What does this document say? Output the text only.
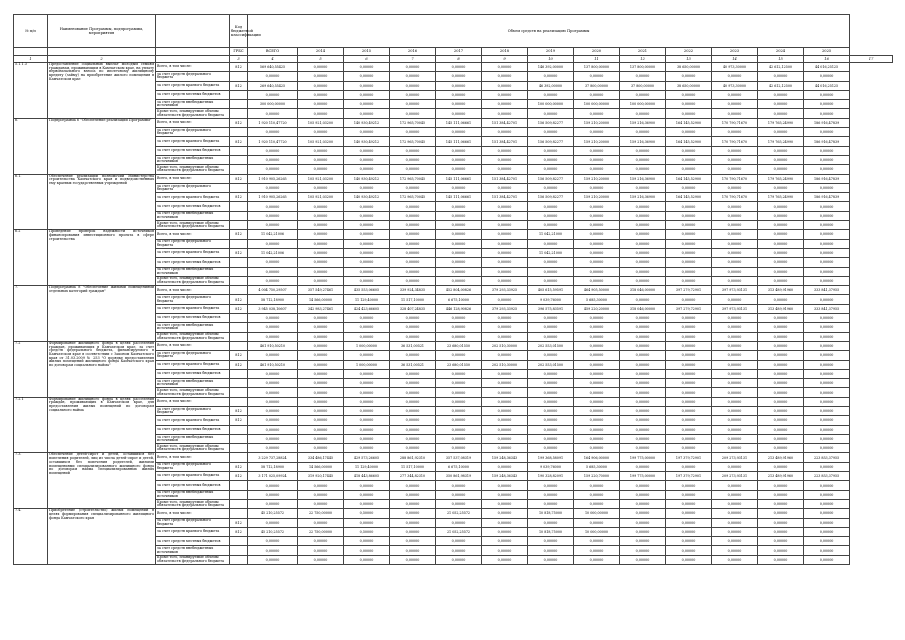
№ п/п	Наименование Программы, подпрограммы, мероприятия		Код бюджетной классификации	Объем средств на реализацию Программы													
			ГРБС	ВСЕГО	2014	2015	2016	2017	2018	2019	2020	2021	2022	2023	2024	2025	
1	2		3	4	5	6	7	8	9	10	11	12	13	14	15	16	17
5.1.1.3	Предоставление социальных выплат молодым семьям гражданам, проживающим в Камчатском крае, на уплату первоначального взноса по ипотечному жилищному кредиту (займу) на приобретение жилого помещения в Камчатском крае	Всего, в том числе:	812	569 640,55425	0,00000	0,00000	0,00000	0,00000	0,00000	146 392,00000	137 800,00000	137 800,00000	38 650,00000	40 973,30000	42 612,12500	44 016,25125	
		за счет средств федерального бюджета		0,00000	0,00000	0,00000	0,00000	0,00000	0,00000	0,00000	0,00000	0,00000	0,00000	0,00000	0,00000	0,00000	
		за счет средств краевого бюджета	812	269 640,55425	0,00000	0,00000	0,00000	0,00000	0,00000	46 392,00000	37 800,00000	37 800,00000	38 650,00000	40 973,30000	42 612,12500	44 016,25125	
		за счет средств местных бюджетов		0,00000	0,00000	0,00000	0,00000	0,00000	0,00000	0,00000	0,00000	0,00000	0,00000	0,00000	0,00000	0,00000	
		за счет средств внебюджетных источников		300 000,00000	0,00000	0,00000	0,00000	0,00000	0,00000	100 000,00000	100 000,00000	100 000,00000	0,00000	0,00000	0,00000	0,00000	
		Кроме того, планируемые объемы обязательств федерального бюджета		0,00000	0,00000	0,00000	0,00000	0,00000	0,00000	0,00000	0,00000	0,00000	0,00000	0,00000	0,00000	0,00000	
6.	Подпрограмма 6 "Обеспечение реализации Программы"	Всего, в том числе:	812	1 920 110,47720	105 921,03200	140 930,49212	172 965,70045	145 111,06661	151 384,42701	156 509,82277	159 210,20000	159 216,36900	164 145,52900	170 790,71670	179 765,24990	186 916,47839	
		за счет средств федерального бюджета		0,00000	0,00000	0,00000	0,00000	0,00000	0,00000	0,00000	0,00000	0,00000	0,00000	0,00000	0,00000	0,00000	
		за счет средств краевого бюджета	812	1 920 110,47720	105 921,03200	140 930,49212	172 965,70045	145 111,06661	151 384,42701	156 509,82277	159 210,20000	159 216,36900	164 145,52900	170 790,71670	179 765,24990	186 916,47839	
		за счет средств местных бюджетов		0,00000	0,00000	0,00000	0,00000	0,00000	0,00000	0,00000	0,00000	0,00000	0,00000	0,00000	0,00000	0,00000	
		за счет средств внебюджетных источников		0,00000	0,00000	0,00000	0,00000	0,00000	0,00000	0,00000	0,00000	0,00000	0,00000	0,00000	0,00000	0,00000	
		Кроме того, планируемые объемы обязательств федерального бюджета		0,00000	0,00000	0,00000	0,00000	0,00000	0,00000	0,00000	0,00000	0,00000	0,00000	0,00000	0,00000	0,00000	
6.1.	Обеспечение реализации полномочий Министерства строительства Камчатского края и подведомственных ему краевых государственных учреждений	Всего, в том числе:	812	1 910 905,26265	105 921,03200	140 930,49212	172 965,70045	145 111,06661	151 384,42701	156 509,82277	159 210,20000	159 216,36900	164 145,52900	170 790,71670	179 765,24990	186 916,47839	
		за счет средств федерального бюджета		0,00000	0,00000	0,00000	0,00000	0,00000	0,00000	0,00000	0,00000	0,00000	0,00000	0,00000	0,00000	0,00000	
		за счет средств краевого бюджета	812	1 910 905,26265	105 921,03200	140 930,49212	172 965,70045	145 111,06661	151 384,42701	156 509,82277	159 210,20000	159 216,36900	164 145,52900	170 790,71670	179 765,24990	186 916,47839	
		за счет средств местных бюджетов		0,00000	0,00000	0,00000	0,00000	0,00000	0,00000	0,00000	0,00000	0,00000	0,00000	0,00000	0,00000	0,00000	
		за счет средств внебюджетных источников		0,00000	0,00000	0,00000	0,00000	0,00000	0,00000	0,00000	0,00000	0,00000	0,00000	0,00000	0,00000	0,00000	
		Кроме того, планируемые объемы обязательств федерального бюджета		0,00000	0,00000	0,00000	0,00000	0,00000	0,00000	0,00000	0,00000	0,00000	0,00000	0,00000	0,00000	0,00000	
6.2	Проведение проверок надежности источников финансирования инвестиционного проекта в сфере строительства	Всего, в том числе:	812	11 042,21006	0,00000	0,00000	0,00000	0,00000	0,00000	11 042,21000	0,00000	0,00000	0,00000	0,00000	0,00000	0,00000	
		за счет средств федерального бюджета		0,00000	0,00000	0,00000	0,00000	0,00000	0,00000	0,00000	0,00000	0,00000	0,00000	0,00000	0,00000	0,00000	
		за счет средств краевого бюджета	812	11 042,21006	0,00000	0,00000	0,00000	0,00000	0,00000	11 042,21000	0,00000	0,00000	0,00000	0,00000	0,00000	0,00000	
		за счет средств местных бюджетов		0,00000	0,00000	0,00000	0,00000	0,00000	0,00000	0,00000	0,00000	0,00000	0,00000	0,00000	0,00000	0,00000	
		за счет средств внебюджетных источников		0,00000	0,00000	0,00000	0,00000	0,00000	0,00000	0,00000	0,00000	0,00000	0,00000	0,00000	0,00000	0,00000	
		Кроме того, планируемые объемы обязательств федерального бюджета		0,00000	0,00000	0,00000	0,00000	0,00000	0,00000	0,00000	0,00000	0,00000	0,00000	0,00000	0,00000	0,00000	
7.	Подпрограмма 8 "Обеспечение жилыми помещениями отдельных категорий граждан"	Всего, в том числе:		4 004 750,29507	357 549,27461	435 553,06605	339 924,34835	452 804,00826	379 293,33925	405 615,59591	464 905,50000	318 046,00000	397 279,72901	397 973,93131	313 489,91960	333 841,37955	
		за счет средств федерального бюджета	812	58 712,18900	14 566,00000	11 129,40000	11 517,10000	6 675,10000	0,00000	9 039,76000	5 685,30000	0,00000	0,00000	0,00000	0,00000	0,00000	
		за счет средств краевого бюджета	812	3 945 038,10607	342 983,27461	424 423,66605	328 407,24835	446 128,90826	379 293,33925	396 575,83591	459 220,20000	318 046,00000	397 279,72901	397 973,93131	313 489,91960	333 841,37955	
		за счет средств местных бюджетов		0,00000	0,00000	0,00000	0,00000	0,00000	0,00000	0,00000	0,00000	0,00000	0,00000	0,00000	0,00000	0,00000	
		за счет средств внебюджетных источников		0,00000	0,00000	0,00000	0,00000	0,00000	0,00000	0,00000	0,00000	0,00000	0,00000	0,00000	0,00000	0,00000	
		Кроме того, планируемые объемы обязательств федерального бюджета		0,00000	0,00000	0,00000	0,00000	0,00000	0,00000	0,00000	0,00000	0,00000	0,00000	0,00000	0,00000	0,00000	
7.2	Формирование жилищного фонда в целях расселения граждан, проживающих в Камчатском крае, за счет средств федерального бюджета, финансируемого в Камчатском крае в соответствии с Законом Камчатского края от 31.03.2009 № 253 "О порядке предоставления жилых помещений жилищного фонда Камчатского края по договорам социального найма"	Всего, в том числе:		461 910,50210	0,00000	1 000,00000	36 531,00521	23 680,01550	202 510,30000	202 553,01500	0,00000	0,00000	0,00000	0,00000	0,00000	0,00000	
		за счет средств федерального бюджета	812	0,00000	0,00000	0,00000	0,00000	0,00000	0,00000	0,00000	0,00000	0,00000	0,00000	0,00000	0,00000	0,00000	
		за счет средств краевого бюджета	812	461 910,50210	0,00000	1 000,00000	36 531,00521	23 680,01550	202 510,30000	202 553,01500	0,00000	0,00000	0,00000	0,00000	0,00000	0,00000	
		за счет средств местных бюджетов		0,00000	0,00000	0,00000	0,00000	0,00000	0,00000	0,00000	0,00000	0,00000	0,00000	0,00000	0,00000	0,00000	
		за счет средств внебюджетных источников		0,00000	0,00000	0,00000	0,00000	0,00000	0,00000	0,00000	0,00000	0,00000	0,00000	0,00000	0,00000	0,00000	
		Кроме того, планируемые объемы обязательств федерального бюджета		0,00000	0,00000	0,00000	0,00000	0,00000	0,00000	0,00000	0,00000	0,00000	0,00000	0,00000	0,00000	0,00000	
7.2.1	Формирование жилищного фонда в целях расселения граждан, проживающих в Камчатском крае, для предоставления жилых помещений по договорам социального найма	Всего, в том числе:		0,00000	0,00000	0,00000	0,00000	0,00000	0,00000	0,00000	0,00000	0,00000	0,00000	0,00000	0,00000	0,00000	
		за счет средств федерального бюджета	812	0,00000	0,00000	0,00000	0,00000	0,00000	0,00000	0,00000	0,00000	0,00000	0,00000	0,00000	0,00000	0,00000	
		за счет средств краевого бюджета	812	0,00000	0,00000	0,00000	0,00000	0,00000	0,00000	0,00000	0,00000	0,00000	0,00000	0,00000	0,00000	0,00000	
		за счет средств местных бюджетов		0,00000	0,00000	0,00000	0,00000	0,00000	0,00000	0,00000	0,00000	0,00000	0,00000	0,00000	0,00000	0,00000	
		за счет средств внебюджетных источников		0,00000	0,00000	0,00000	0,00000	0,00000	0,00000	0,00000	0,00000	0,00000	0,00000	0,00000	0,00000	0,00000	
		Кроме того, планируемые объемы обязательств федерального бюджета		0,00000	0,00000	0,00000	0,00000	0,00000	0,00000	0,00000	0,00000	0,00000	0,00000	0,00000	0,00000	0,00000	
7.3.	Обеспечение детей-сирот и детей, оставшихся без попечения родителей, лиц из числа детей-сирот и детей, оставшихся без попечения родителей, жилыми помещениями специализированного жилищного фонда по договорам найма специализированных жилых помещений	Всего, в том числе:		3 229 737,28824	334 486,17445	429 573,26605	288 861,92310	357 537,08319	159 248,36343	199 368,58091	164 906,00000	199 775,00000	197 379,72901	209 273,93131	213 489,91960	223 853,37955	
		за счет средств федерального бюджета	812	58 712,18900	14 566,00000	11 129,40000	11 517,10000	6 675,10000	0,00000	9 039,76000	5 685,30000	0,00000	0,00000	0,00000	0,00000	0,00000	
		за счет средств краевого бюджета	812	3 171 025,09924	319 920,17445	418 443,86605	277 344,82310	350 861,98319	159 248,36343	190 328,82091	159 220,70000	199 775,00000	197 379,72901	209 273,93131	213 489,91960	223 853,37955	
		за счет средств местных бюджетов		0,00000	0,00000	0,00000	0,00000	0,00000	0,00000	0,00000	0,00000	0,00000	0,00000	0,00000	0,00000	0,00000	
		за счет средств внебюджетных источников		0,00000	0,00000	0,00000	0,00000	0,00000	0,00000	0,00000	0,00000	0,00000	0,00000	0,00000	0,00000	0,00000	
		Кроме того, планируемые объемы обязательств федерального бюджета		0,00000	0,00000	0,00000	0,00000	0,00000	0,00000	0,00000	0,00000	0,00000	0,00000	0,00000	0,00000	0,00000	
7.4.	Приобретение (строительство) жилых помещений в целях формирования специализированного жилищного фонда Камчатского края	Всего, в том числе:		45 210,25572	22 750,00000	0,50000	0,00000	21 052,25572	0,00000	10 818,75000	10 000,00000	0,00000	0,00000	0,00000	0,00000	0,00000	
		за счет средств федерального бюджета	812	0,00000	0,00000	0,00000	0,00000	0,00000	0,00000	0,00000	0,00000	0,00000	0,00000	0,00000	0,00000	0,00000	
		за счет средств краевого бюджета	812	45 210,25572	22 750,00000	0,50000	0,00000	21 052,25572	0,00000	10 818,75000	10 000,00000	0,00000	0,00000	0,00000	0,00000	0,00000	
		за счет средств местных бюджетов		0,00000	0,00000	0,00000	0,00000	0,00000	0,00000	0,00000	0,00000	0,00000	0,00000	0,00000	0,00000	0,00000	
		за счет средств внебюджетных источников		0,00000	0,00000	0,00000	0,00000	0,00000	0,00000	0,00000	0,00000	0,00000	0,00000	0,00000	0,00000	0,00000	
		Кроме того, планируемые объемы обязательств федерального бюджета		0,00000	0,00000	0,00000	0,00000	0,00000	0,00000	0,00000	0,00000	0,00000	0,00000	0,00000	0,00000	0,00000	
